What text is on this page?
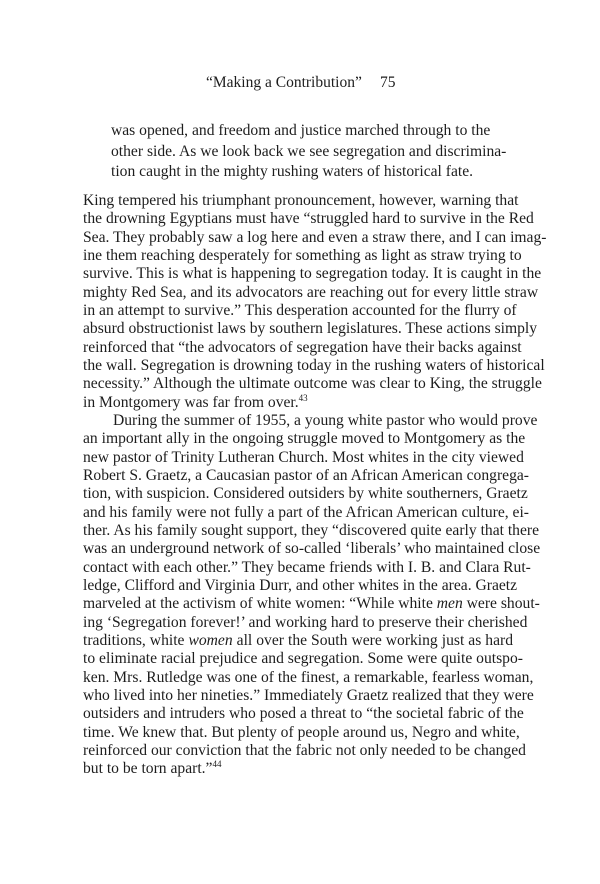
“Making a Contribution” 75
was opened, and freedom and justice marched through to the
other side. As we look back we see segregation and discrimina-
tion caught in the mighty rushing waters of historical fate.
King tempered his triumphant pronouncement, however, warning that
the drowning Egyptians must have “struggled hard to survive in the Red
Sea. They probably saw a log here and even a straw there, and I can imag-
ine them reaching desperately for something as light as straw trying to
survive. This is what is happening to segregation today. It is caught in the
mighty Red Sea, and its advocators are reaching out for every little straw
in an attempt to survive.” This desperation accounted for the flurry of
absurd obstructionist laws by southern legislatures. These actions simply
reinforced that “the advocators of segregation have their backs against
the wall. Segregation is drowning today in the rushing waters of historical
necessity.” Although the ultimate outcome was clear to King, the struggle
in Montgomery was far from over.$^{43}$
During the summer of 1955, a young white pastor who would prove
an important ally in the ongoing struggle moved to Montgomery as the
new pastor of Trinity Lutheran Church. Most whites in the city viewed
Robert S. Graetz, a Caucasian pastor of an African American congrega-
tion, with suspicion. Considered outsiders by white southerners, Graetz
and his family were not fully a part of the African American culture, ei-
ther. As his family sought support, they “discovered quite early that there
was an underground network of so-called ‘liberals’ who maintained close
contact with each other.” They became friends with I. B. and Clara Rut-
ledge, Clifford and Virginia Durr, and other whites in the area. Graetz
marveled at the activism of white women: “While white men were shout-
ing ‘Segregation forever!’ and working hard to preserve their cherished
traditions, white women all over the South were working just as hard
to eliminate racial prejudice and segregation. Some were quite outspo-
ken. Mrs. Rutledge was one of the finest, a remarkable, fearless woman,
who lived into her nineties.” Immediately Graetz realized that they were
outsiders and intruders who posed a threat to “the societal fabric of the
time. We knew that. But plenty of people around us, Negro and white,
reinforced our conviction that the fabric not only needed to be changed
but to be torn apart.”$^{44}$
